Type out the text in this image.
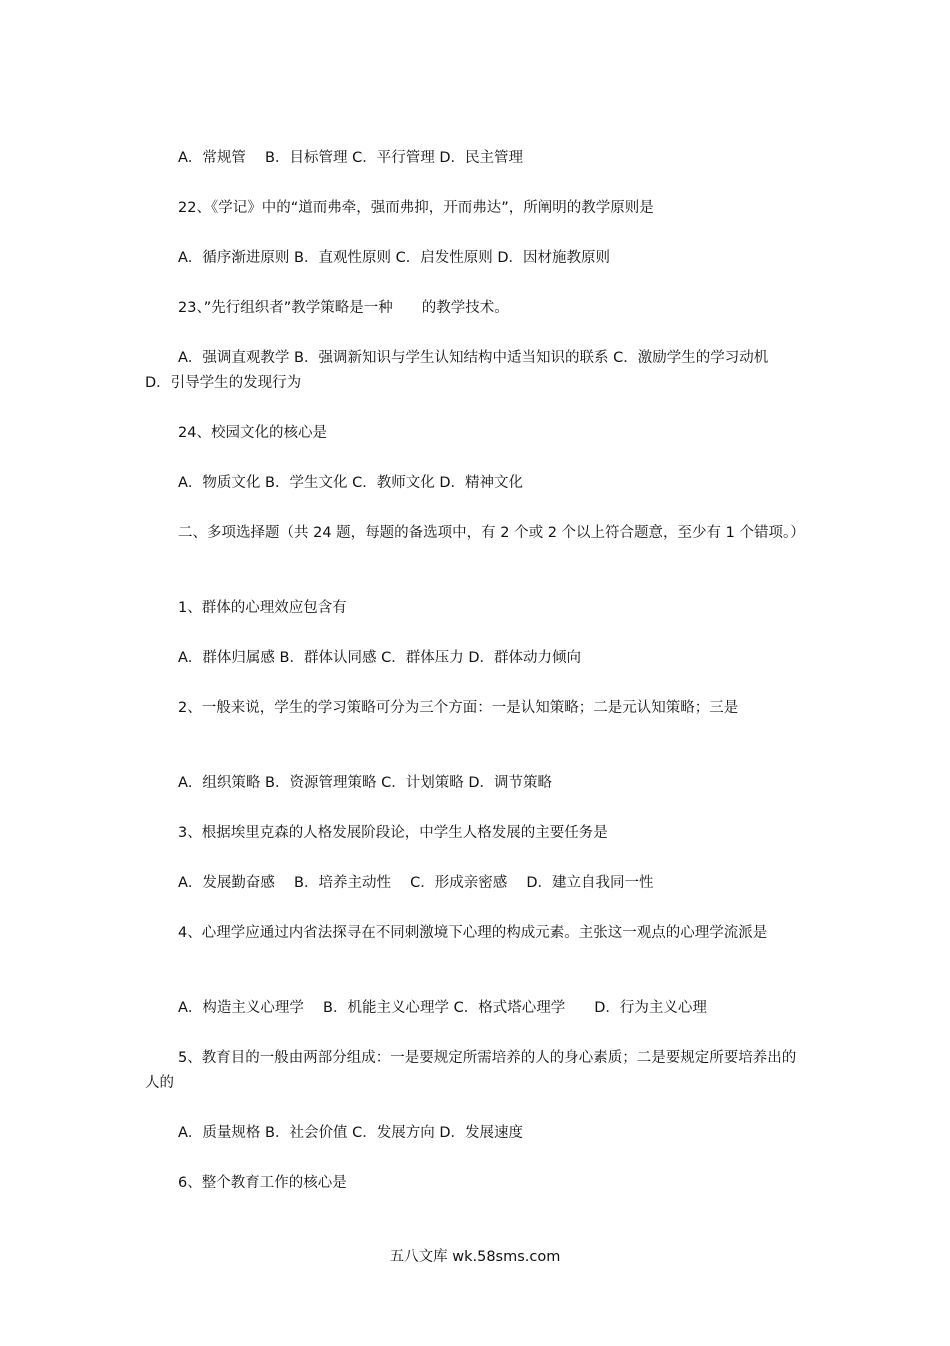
A．常规管　 B．目标管理 C．平行管理 D．民主管理

22、《学记》中的“道而弗牵，强而弗抑，开而弗达”，所阐明的教学原则是

A．循序渐进原则 B．直观性原则 C．启发性原则 D．因材施教原则

23、”先行组织者”教学策略是一种　　的教学技术。

A．强调直观教学 B．强调新知识与学生认知结构中适当知识的联系 C．激励学生的学习动机　　 D．引导学生的发现行为

24、校园文化的核心是

A．物质文化 B．学生文化 C．教师文化 D．精神文化

二、多项选择题（共 24 题，每题的备选项中，有 2 个或 2 个以上符合题意，至少有 1 个错项。）

1、群体的心理效应包含有

A．群体归属感 B．群体认同感 C．群体压力 D．群体动力倾向

2、一般来说，学生的学习策略可分为三个方面：一是认知策略；二是元认知策略；三是

A．组织策略 B．资源管理策略 C．计划策略 D．调节策略

3、根据埃里克森的人格发展阶段论，中学生人格发展的主要任务是

A．发展勤奋感　 B．培养主动性　 C．形成亲密感　 D．建立自我同一性

4、心理学应通过内省法探寻在不同刺激境下心理的构成元素。主张这一观点的心理学流派是

A．构造主义心理学　 B．机能主义心理学 C．格式塔心理学　　D．行为主义心理

5、教育目的一般由两部分组成：一是要规定所需培养的人的身心素质；二是要规定所要培养出的人的

A．质量规格 B．社会价值 C．发展方向 D．发展速度

6、整个教育工作的核心是

五八文库 wk.58sms.com
